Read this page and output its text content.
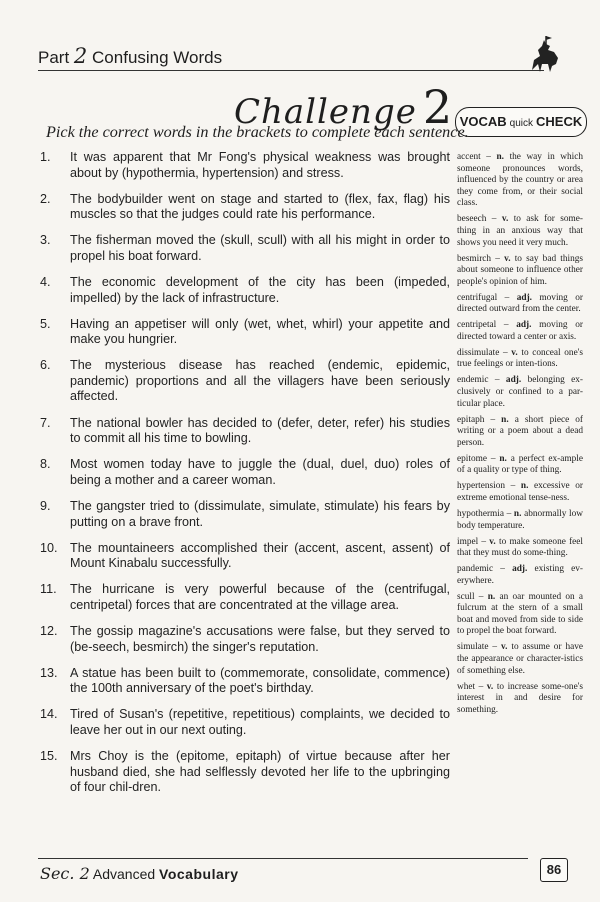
Part 2 Confusing Words
Challenge 2 VOCAB quick CHECK
Pick the correct words in the brackets to complete each sentence.
1.	It was apparent that Mr Fong's physical weakness was brought about by (hypothermia, hypertension) and stress.
2.	The bodybuilder went on stage and started to (flex, fax, flag) his muscles so that the judges could rate his performance.
3.	The fisherman moved the (skull, scull) with all his might in order to propel his boat forward.
4.	The economic development of the city has been (impeded, impelled) by the lack of infrastructure.
5.	Having an appetiser will only (wet, whet, whirl) your appetite and make you hungrier.
6.	The mysterious disease has reached (endemic, epidemic, pandemic) proportions and all the villagers have been seriously affected.
7.	The national bowler has decided to (defer, deter, refer) his studies to commit all his time to bowling.
8.	Most women today have to juggle the (dual, duel, duo) roles of being a mother and a career woman.
9.	The gangster tried to (dissimulate, simulate, stimulate) his fears by putting on a brave front.
10. The mountaineers accomplished their (accent, ascent, assent) of Mount Kinabalu successfully.
11.	The hurricane is very powerful because of the (centrifugal, centripetal) forces that are concentrated at the village area.
12. The gossip magazine's accusations were false, but they served to (be-seech, besmirch) the singer's reputation.
13. A statue has been built to (commemorate, consolidate, commence) the 100th anniversary of the poet's birthday.
14. Tired of Susan's (repetitive, repetitious) complaints, we decided to leave her out in our next outing.
15. Mrs Choy is the (epitome, epitaph) of virtue because after her husband died, she had selflessly devoted her life to the upbringing of four chil-dren.
accent – n. the way in which someone pronounces words, influenced by the country or area they come from, or their social class.
beseech – v. to ask for some-thing in an anxious way that shows you need it very much.
besmirch – v. to say bad things about someone to influence other people's opinion of him.
centrifugal – adj. moving or directed outward from the center.
centripetal – adj. moving or directed toward a center or axis.
dissimulate – v. to conceal one's true feelings or inten-tions.
endemic – adj. belonging ex-clusively or confined to a par-ticular place.
epitaph – n. a short piece of writing or a poem about a dead person.
epitome – n. a perfect ex-ample of a quality or type of thing.
hypertension – n. excessive or extreme emotional tense-ness.
hypothermia – n. abnormally low body temperature.
impel – v. to make someone feel that they must do some-thing.
pandemic – adj. existing ev-erywhere.
scull – n. an oar mounted on a fulcrum at the stern of a small boat and moved from side to side to propel the boat forward.
simulate – v. to assume or have the appearance or character-istics of something else.
whet – v. to increase some-one's interest in and desire for something.
Sec. 2 Advanced Vocabulary	86
